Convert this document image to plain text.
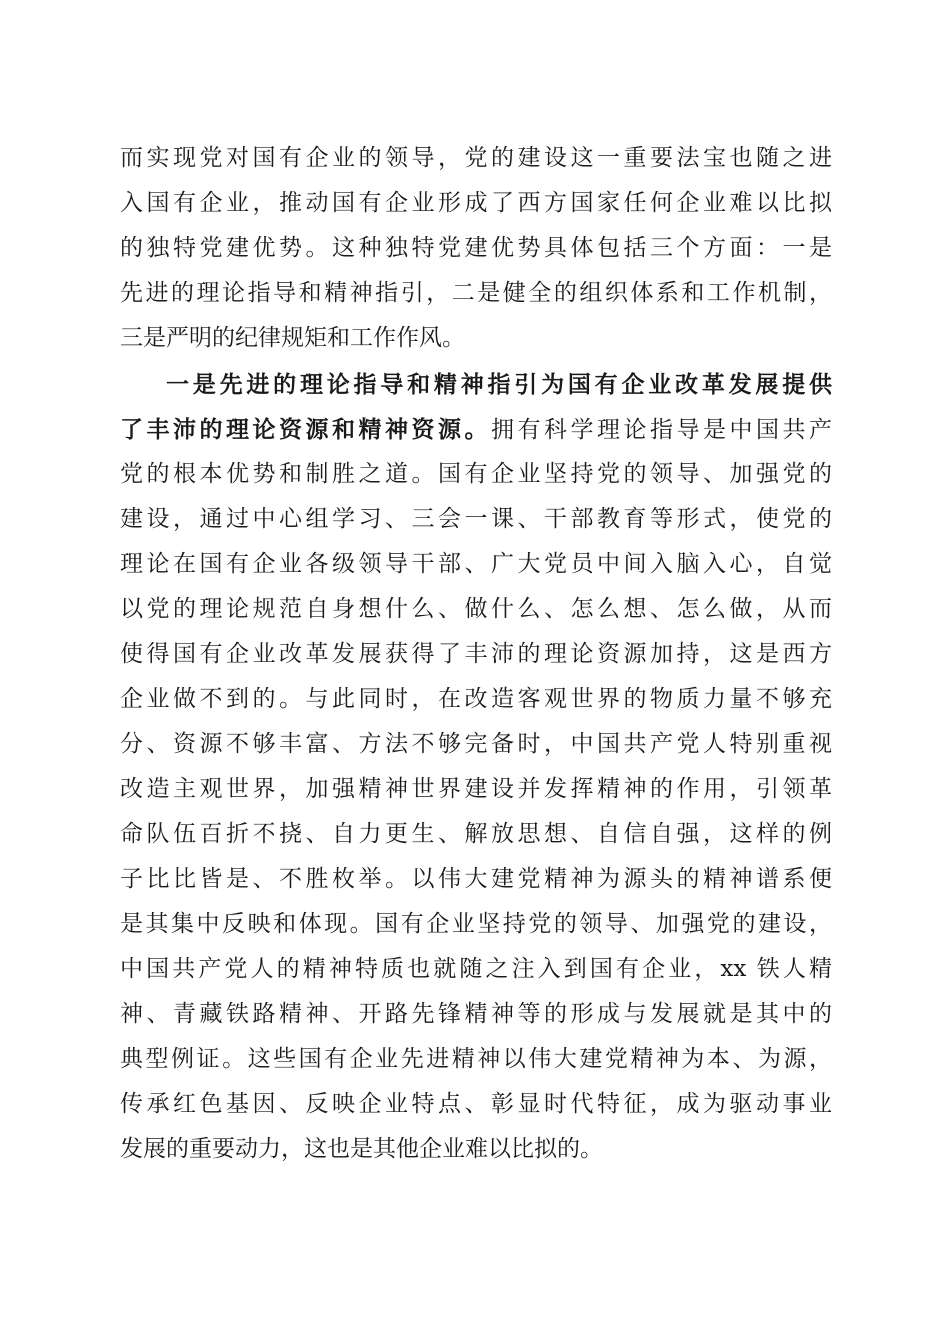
而实现党对国有企业的领导，党的建设这一重要法宝也随之进
入国有企业，推动国有企业形成了西方国家任何企业难以比拟
的独特党建优势。这种独特党建优势具体包括三个方面：一是
先进的理论指导和精神指引，二是健全的组织体系和工作机制，
三是严明的纪律规矩和工作作风。
一是先进的理论指导和精神指引为国有企业改革发展提供
了丰沛的理论资源和精神资源。拥有科学理论指导是中国共产
党的根本优势和制胜之道。国有企业坚持党的领导、加强党的
建设，通过中心组学习、三会一课、干部教育等形式，使党的
理论在国有企业各级领导干部、广大党员中间入脑入心，自觉
以党的理论规范自身想什么、做什么、怎么想、怎么做，从而
使得国有企业改革发展获得了丰沛的理论资源加持，这是西方
企业做不到的。与此同时，在改造客观世界的物质力量不够充
分、资源不够丰富、方法不够完备时，中国共产党人特别重视
改造主观世界，加强精神世界建设并发挥精神的作用，引领革
命队伍百折不挠、自力更生、解放思想、自信自强，这样的例
子比比皆是、不胜枚举。以伟大建党精神为源头的精神谱系便
是其集中反映和体现。国有企业坚持党的领导、加强党的建设，
中国共产党人的精神特质也就随之注入到国有企业，xx 铁人精
神、青藏铁路精神、开路先锋精神等的形成与发展就是其中的
典型例证。这些国有企业先进精神以伟大建党精神为本、为源，
传承红色基因、反映企业特点、彰显时代特征，成为驱动事业
发展的重要动力，这也是其他企业难以比拟的。
